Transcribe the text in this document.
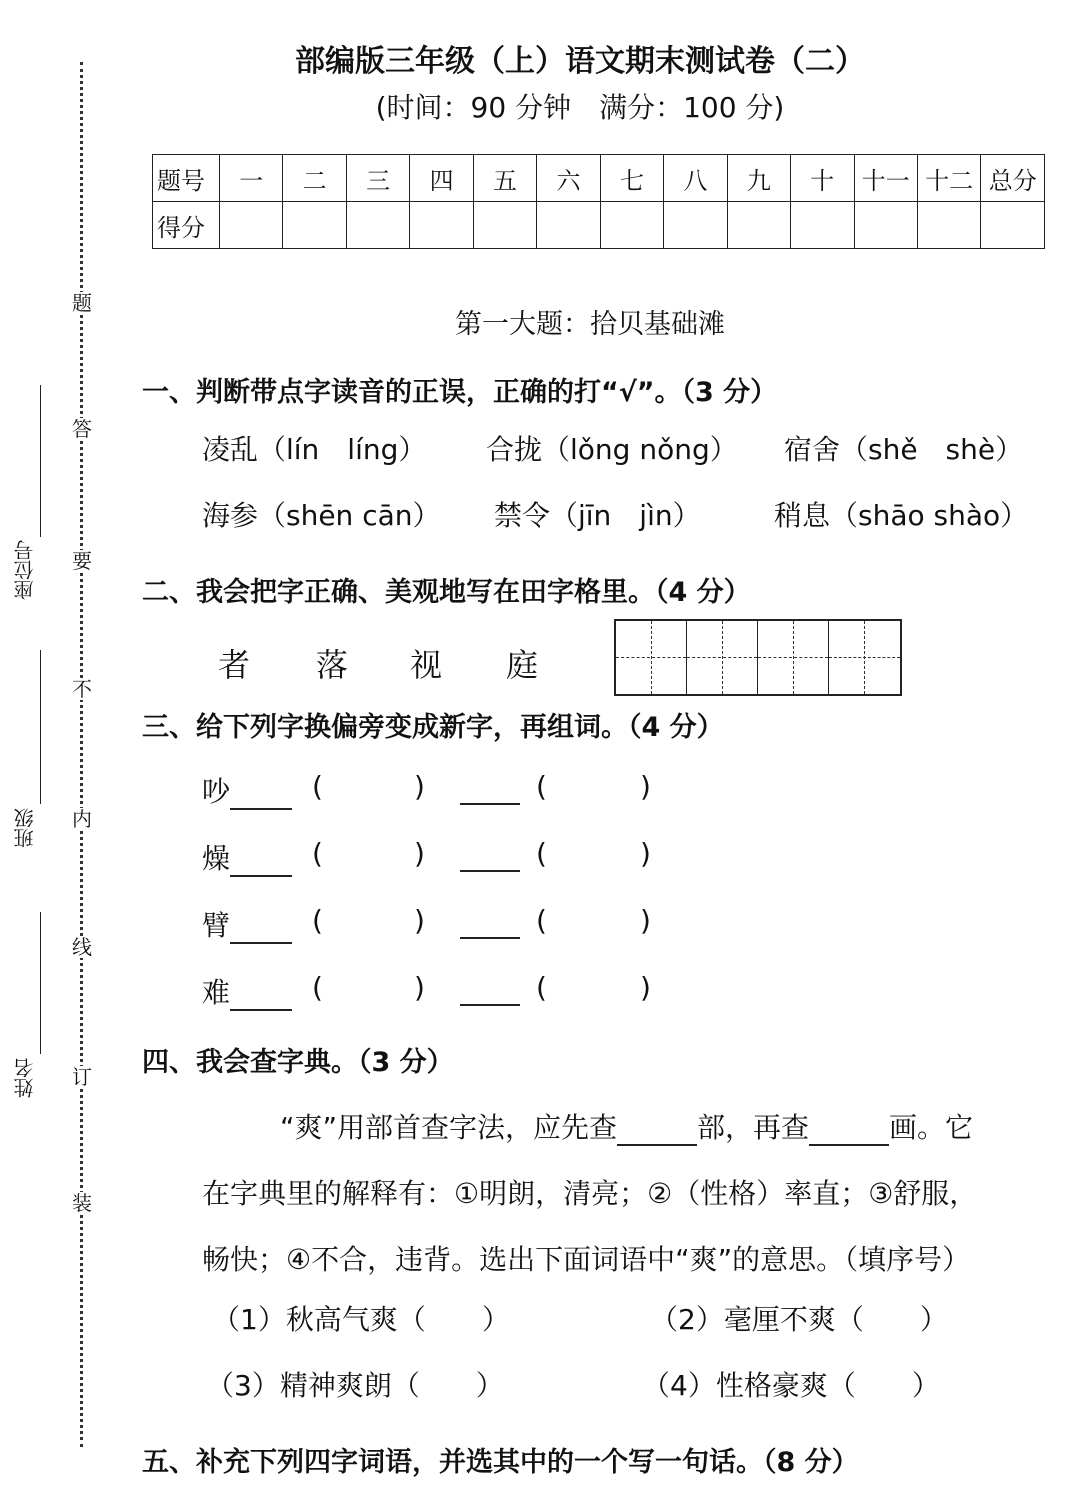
题
答
要
不
内
线
订
装
座位号
班级
姓名
部编版三年级（上）语文期末测试卷（二）
(时间：90 分钟　满分：100 分)
题号	一	二	三	四	五	六	七	八	九	十	十一	十二	总分
得分													
第一大题：拾贝基础滩
一、判断带点字读音的正误，正确的打“√”。（3 分）
凌乱（lín　líng） 合拢（lǒng nǒng） 宿舍（shě　shè）
海参（shēn cān） 禁令（jīn　jìn）	稍息（shāo shào）
二、我会把字正确、美观地写在田字格里。（4 分）
者 落 视 庭
三、给下列字换偏旁变成新字，再组词。（4 分）
吵	(	)	(	)
燥	(	)	(	)
臂	(	)	(	)
难	(	)	(	)
四、我会查字典。（3 分）
“爽”用部首查字法，应先查	部，再查	画。它
在字典里的解释有：①明朗，清亮；②（性格）率直；③舒服，
畅快；④不合，违背。选出下面词语中“爽”的意思。（填序号）
（1）秋高气爽（　　）	（2）毫厘不爽（　　）
（3）精神爽朗（　　）	（4）性格豪爽（　　）
五、补充下列四字词语，并选其中的一个写一句话。（8 分）
